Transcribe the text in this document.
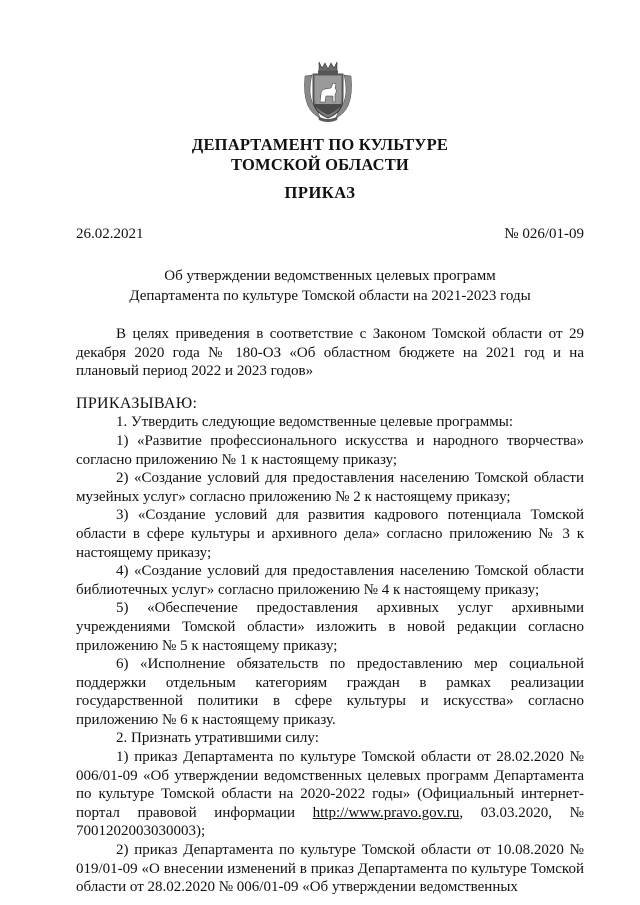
ДЕПАРТАМЕНТ ПО КУЛЬТУРЕ
ТОМСКОЙ ОБЛАСТИ
ПРИКАЗ
26.02.2021	№ 026/01-09
Об утверждении ведомственных целевых программ
Департамента по культуре Томской области на 2021-2023 годы

В целях приведения в соответствие с Законом Томской области от 29 декабря 2020 года № 180-ОЗ «Об областном бюджете на 2021 год и на плановый период 2022 и 2023 годов»

ПРИКАЗЫВАЮ:

1. Утвердить следующие ведомственные целевые программы:

1) «Развитие профессионального искусства и народного творчества» согласно приложению № 1 к настоящему приказу;

2) «Создание условий для предоставления населению Томской области музейных услуг» согласно приложению № 2 к настоящему приказу;

3) «Создание условий для развития кадрового потенциала Томской области в сфере культуры и архивного дела» согласно приложению № 3 к настоящему приказу;

4) «Создание условий для предоставления населению Томской области библиотечных услуг» согласно приложению № 4 к настоящему приказу;

5) «Обеспечение предоставления архивных услуг архивными учреждениями Томской области» изложить в новой редакции согласно приложению № 5 к настоящему приказу;

6) «Исполнение обязательств по предоставлению мер социальной поддержки отдельным категориям граждан в рамках реализации государственной политики в сфере культуры и искусства» согласно приложению № 6 к настоящему приказу.

2. Признать утратившими силу:

1) приказ Департамента по культуре Томской области от 28.02.2020 № 006/01-09 «Об утверждении ведомственных целевых программ Департамента по культуре Томской области на 2020-2022 годы» (Официальный интернет-портал правовой информации http://www.pravo.gov.ru, 03.03.2020, № 7001202003030003);

2) приказ Департамента по культуре Томской области от 10.08.2020 № 019/01-09 «О внесении изменений в приказ Департамента по культуре Томской области от 28.02.2020 № 006/01-09 «Об утверждении ведомственных
